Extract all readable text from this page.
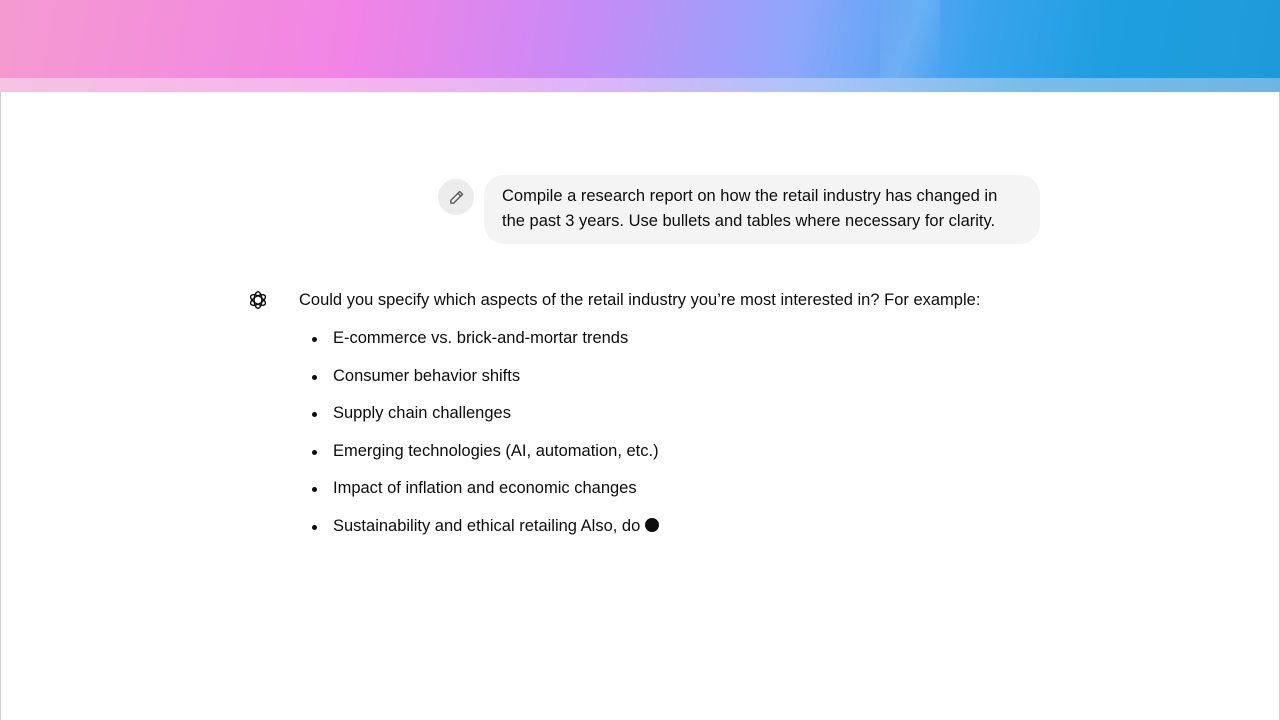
Compile a research report on how the retail industry has changed in the past 3 years. Use bullets and tables where necessary for clarity.

Could you specify which aspects of the retail industry you’re most interested in? For example:

E-commerce vs. brick-and-mortar trends
Consumer behavior shifts
Supply chain challenges
Emerging technologies (AI, automation, etc.)
Impact of inflation and economic changes
Sustainability and ethical retailing Also, do
